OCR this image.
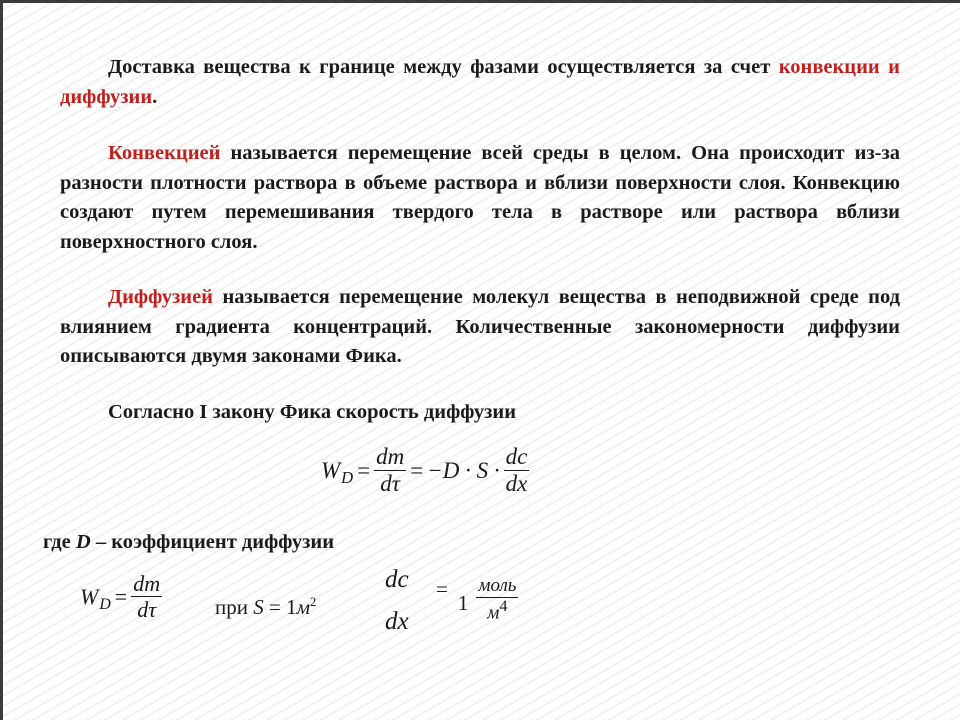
Доставка вещества к границе между фазами осуществляется за счет конвекции и диффузии.
Конвекцией называется перемещение всей среды в целом. Она происходит из-за разности плотности раствора в объеме раствора и вблизи поверхности слоя. Конвекцию создают путем перемешивания твердого тела в растворе или раствора вблизи поверхностного слоя.
Диффузией называется перемещение молекул вещества в неподвижной среде под влиянием градиента концентраций. Количественные закономерности диффузии описываются двумя законами Фика.
Согласно I закону Фика скорость диффузии
$W_D = \frac{dm}{d\tau} = -D \cdot S \cdot \frac{dc}{dx}$
где D – коэффициент диффузии
$W_D = \frac{dm}{d\tau}$	при $S = 1м^2$
dc
dx
=
$1 \frac{\text{моль}}{м^4}$
